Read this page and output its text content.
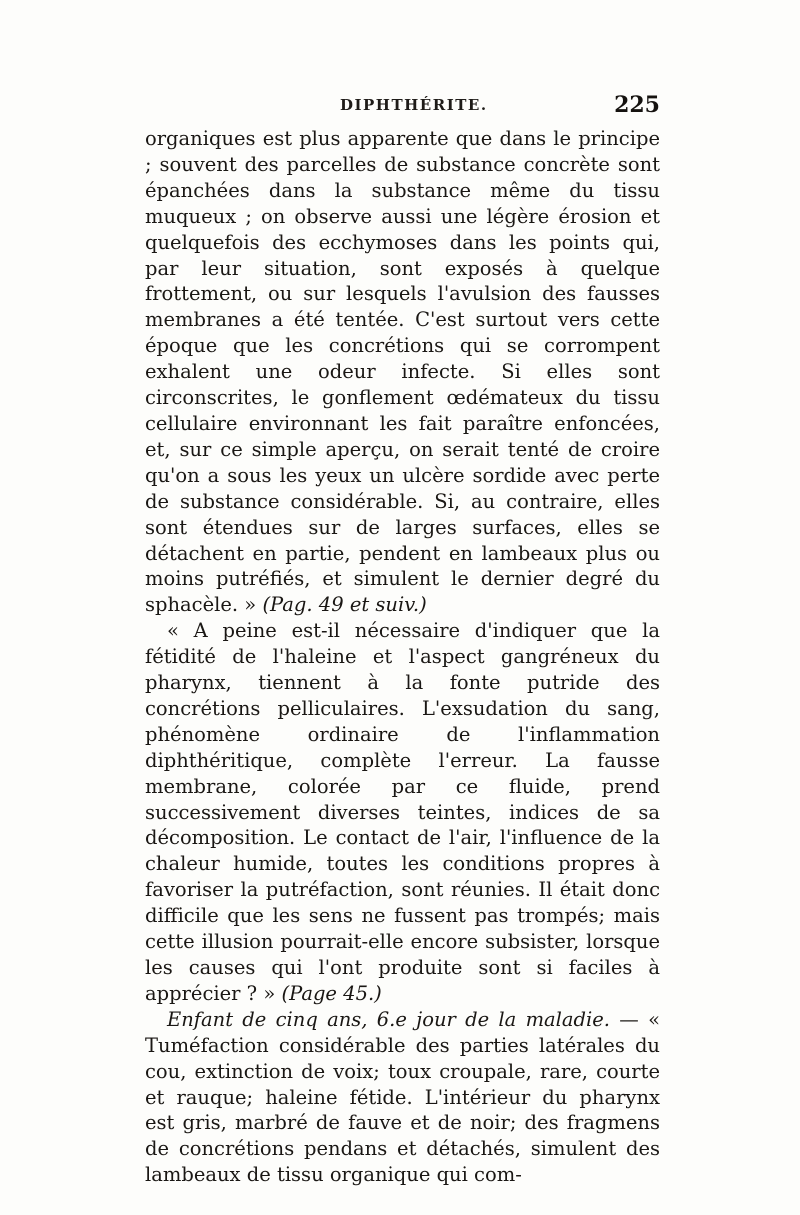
DIPHTHÉRITE.	225

organiques est plus apparente que dans le principe ; souvent des parcelles de substance concrète sont épanchées dans la substance même du tissu muqueux ; on observe aussi une légère érosion et quelquefois des ecchymoses dans les points qui, par leur situation, sont exposés à quelque frottement, ou sur lesquels l'avulsion des fausses membranes a été tentée. C'est surtout vers cette époque que les concrétions qui se corrompent exhalent une odeur infecte. Si elles sont circonscrites, le gonflement œdémateux du tissu cellulaire environnant les fait paraître enfoncées, et, sur ce simple aperçu, on serait tenté de croire qu'on a sous les yeux un ulcère sordide avec perte de substance considérable. Si, au contraire, elles sont étendues sur de larges surfaces, elles se détachent en partie, pendent en lambeaux plus ou moins putréfiés, et simulent le dernier degré du sphacèle. » (Pag. 49 et suiv.)

« A peine est-il nécessaire d'indiquer que la fétidité de l'haleine et l'aspect gangréneux du pharynx, tiennent à la fonte putride des concrétions pelliculaires. L'exsudation du sang, phénomène ordinaire de l'inflammation diphthéritique, complète l'erreur. La fausse membrane, colorée par ce fluide, prend successivement diverses teintes, indices de sa décomposition. Le contact de l'air, l'influence de la chaleur humide, toutes les conditions propres à favoriser la putréfaction, sont réunies. Il était donc difficile que les sens ne fussent pas trompés; mais cette illusion pourrait-elle encore subsister, lorsque les causes qui l'ont produite sont si faciles à apprécier ? » (Page 45.)

Enfant de cinq ans, 6.e jour de la maladie. — « Tuméfaction considérable des parties latérales du cou, extinction de voix; toux croupale, rare, courte et rauque; haleine fétide. L'intérieur du pharynx est gris, marbré de fauve et de noir; des fragmens de concrétions pendans et détachés, simulent des lambeaux de tissu organique qui com-
